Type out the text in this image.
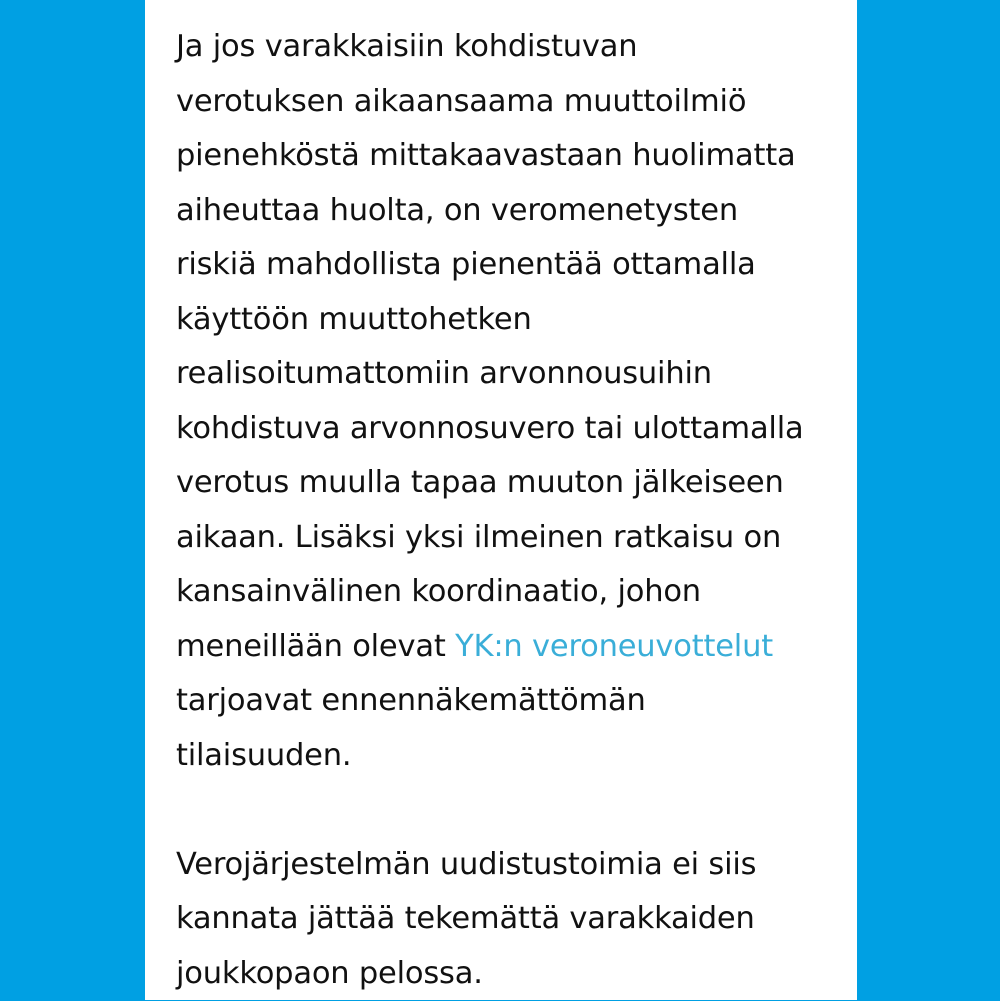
Ja jos varakkaisiin kohdistuvan
verotuksen aikaansaama muuttoilmiö
pienehköstä mittakaavastaan huolimatta
aiheuttaa huolta, on veromenetysten
riskiä mahdollista pienentää ottamalla
käyttöön muuttohetken
realisoitumattomiin arvonnousuihin
kohdistuva arvonnosuvero tai ulottamalla
verotus muulla tapaa muuton jälkeiseen
aikaan. Lisäksi yksi ilmeinen ratkaisu on
kansainvälinen koordinaatio, johon
meneillään olevat YK:n veroneuvottelut
tarjoavat ennennäkemättömän
tilaisuuden.
Verojärjestelmän uudistustoimia ei siis
kannata jättää tekemättä varakkaiden
joukkopaon pelossa.
